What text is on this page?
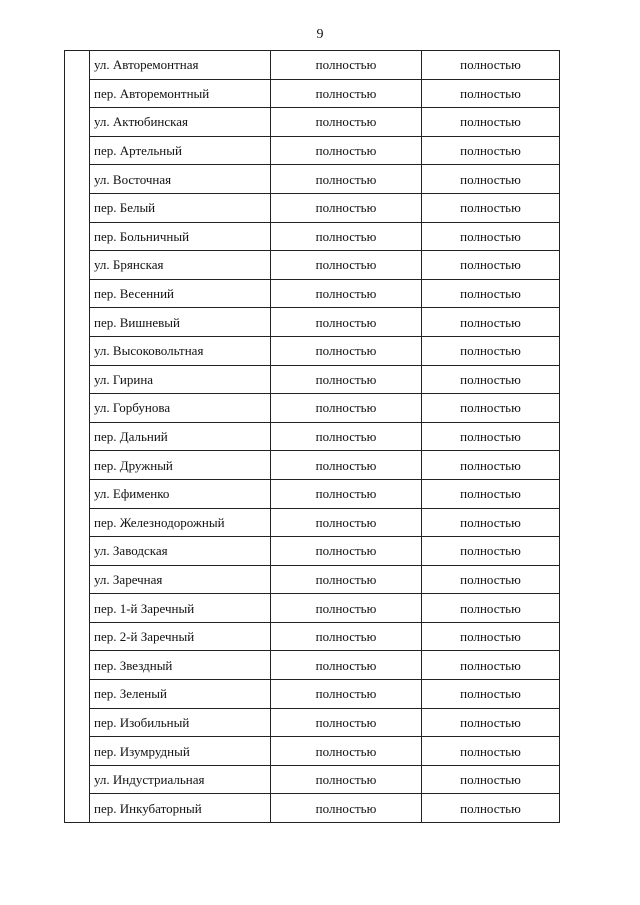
9
	ул. Авторемонтная	полностью	полностью
	пер. Авторемонтный	полностью	полностью
	ул. Актюбинская	полностью	полностью
	пер. Артельный	полностью	полностью
	ул. Восточная	полностью	полностью
	пер. Белый	полностью	полностью
	пер. Больничный	полностью	полностью
	ул. Брянская	полностью	полностью
	пер. Весенний	полностью	полностью
	пер. Вишневый	полностью	полностью
	ул. Высоковольтная	полностью	полностью
	ул. Гирина	полностью	полностью
	ул. Горбунова	полностью	полностью
	пер. Дальний	полностью	полностью
	пер. Дружный	полностью	полностью
	ул. Ефименко	полностью	полностью
	пер. Железнодорожный	полностью	полностью
	ул. Заводская	полностью	полностью
	ул. Заречная	полностью	полностью
	пер. 1-й Заречный	полностью	полностью
	пер. 2-й Заречный	полностью	полностью
	пер. Звездный	полностью	полностью
	пер. Зеленый	полностью	полностью
	пер. Изобильный	полностью	полностью
	пер. Изумрудный	полностью	полностью
	ул. Индустриальная	полностью	полностью
	пер. Инкубаторный	полностью	полностью
